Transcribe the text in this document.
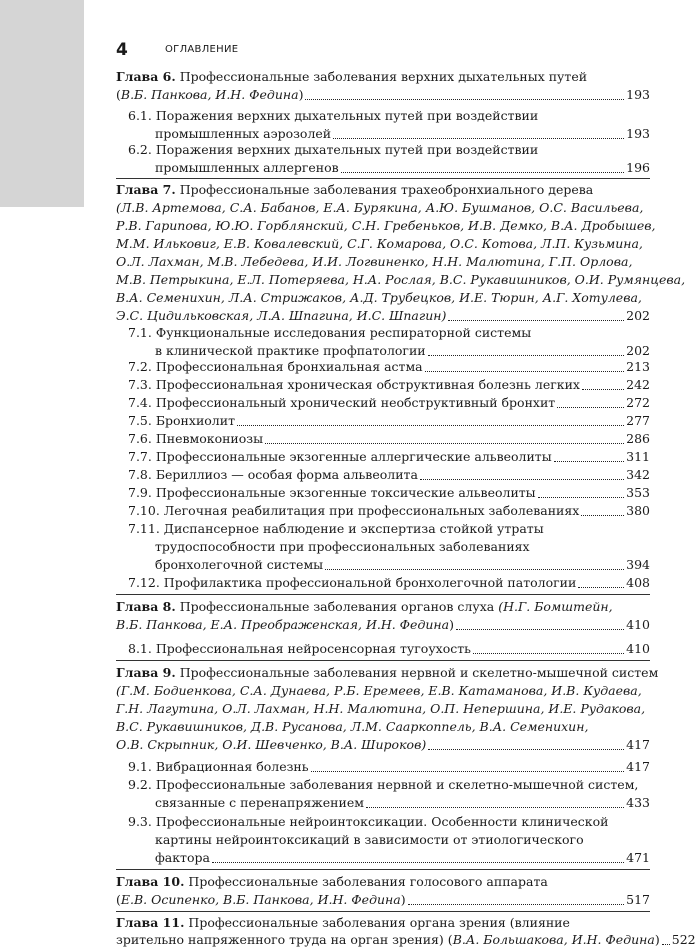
4	ОГЛАВЛЕНИЕ
Глава 6. Профессиональные заболевания верхних дыхательных путей
(В.Б. Панкова, И.Н. Федина)	193
6.1. Поражения верхних дыхательных путей при воздействии
промышленных аэрозолей	193
6.2. Поражения верхних дыхательных путей при воздействии
промышленных аллергенов	196
Глава 7. Профессиональные заболевания трахеобронхиального дерева
(Л.В. Артемова, С.А. Бабанов, Е.А. Бурякина, А.Ю. Бушманов, О.С. Васильева,
Р.В. Гарипова, Ю.Ю. Горблянский, С.Н. Гребеньков, И.В. Демко, В.А. Дробышев,
М.М. Ильковиг, Е.В. Ковалевский, С.Г. Комарова, О.С. Котова, Л.П. Кузьмина,
О.Л. Лахман, М.В. Лебедева, И.И. Логвиненко, Н.Н. Малютина, Г.П. Орлова,
М.В. Петрыкина, Е.Л. Потеряева, Н.А. Рослая, В.С. Рукавишников, О.И. Румянцева,
В.А. Семенихин, Л.А. Стрижаков, А.Д. Трубецков, И.Е. Тюрин, А.Г. Хотулева,
Э.С. Цидильковская, Л.А. Шпагина, И.С. Шпагин)	202
7.1. Функциональные исследования респираторной системы
в клинической практике профпатологии	202
7.2. Профессиональная бронхиальная астма	213
7.3. Профессиональная хроническая обструктивная болезнь легких	242
7.4. Профессиональный хронический необструктивный бронхит	272
7.5. Бронхиолит	277
7.6. Пневмокониозы	286
7.7. Профессиональные экзогенные аллергические альвеолиты	311
7.8. Бериллиоз — особая форма альвеолита	342
7.9. Профессиональные экзогенные токсические альвеолиты	353
7.10. Легочная реабилитация при профессиональных заболеваниях	380
7.11. Диспансерное наблюдение и экспертиза стойкой утраты
трудоспособности при профессиональных заболеваниях
бронхолегочной системы	394
7.12. Профилактика профессиональной бронхолегочной патологии	408
Глава 8. Профессиональные заболевания органов слуха (Н.Г. Бомштейн,
В.Б. Панкова, Е.А. Преображенская, И.Н. Федина)	410
8.1. Профессиональная нейросенсорная тугоухость	410
Глава 9. Профессиональные заболевания нервной и скелетно-мышечной систем
(Г.М. Бодиенкова, С.А. Дунаева, Р.Б. Еремеев, Е.В. Катаманова, И.В. Кудаева,
Г.Н. Лагутина, О.Л. Лахман, Н.Н. Малютина, О.П. Непершина, И.Е. Рудакова,
В.С. Рукавишников, Д.В. Русанова, Л.М. Сааркоппель, В.А. Семенихин,
О.В. Скрыпник, О.И. Шевченко, В.А. Широков)	417
9.1. Вибрационная болезнь	417
9.2. Профессиональные заболевания нервной и скелетно-мышечной систем,
связанные с перенапряжением	433
9.3. Профессиональные нейроинтоксикации. Особенности клинической
картины нейроинтоксикаций в зависимости от этиологического
фактора	471
Глава 10. Профессиональные заболевания голосового аппарата
(Е.В. Осипенко, В.Б. Панкова, И.Н. Федина)	517
Глава 11. Профессиональные заболевания органа зрения (влияние
зрительно напряженного труда на орган зрения) (В.А. Большакова, И.Н. Федина) 522
